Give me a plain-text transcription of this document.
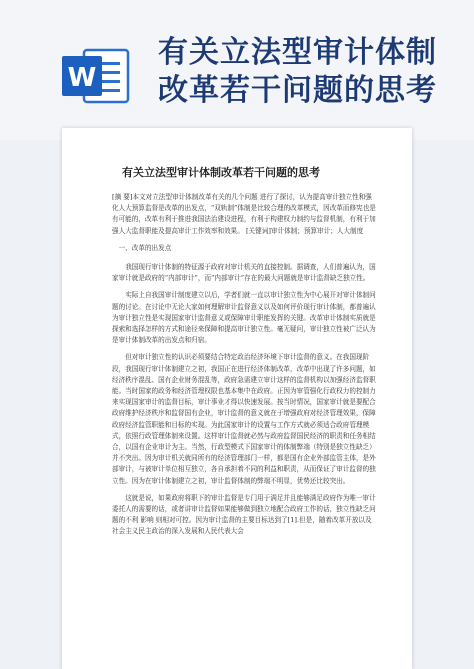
W
有关立法型审计体制改革若干问题的思考
有关立法型审计体制改革若干问题的思考

[摘 要]本文对立法型审计体制改革有关的几个问题 进行了探讨，认为提高审计独立性和强化人大预算监督是改革的出发点，“双轨制”体制是比较合理的改革模式，因改革而修宪也是有可能的，改革有利于推进我国法治建设进程，有利于构建权力制约与监督机制，有利于加强人大监督职能及提高审计工作效率和效果。 [关键词]审计体制；预算审计；人大制度

一、改革的出发点

我国现行审计体制的特征源于政府对审计机关的直接控制。据调查，人们普遍认为，国家审计就是政府的“内部审计”，而“内部审计”存在的最大问题就是审计监督缺乏独立性。

实际上自我国审计制度建立以后，学者们就一直以审计独立性为中心展开对审计体制问题的讨论。在讨论中无论大家如何理解审计监督意义以及如何评价现行审计体制，都普遍认为审计独立性是实现国家审计监督意义或保障审计职能发挥的关键。改革审计体制实质就是探索和选择怎样的方式和途径来保障和提高审计独立性。毫无疑问，审计独立性被广泛认为是审计体制改革的出发点和归宿。

但对审计独立性的认识必须要结合特定政治经济环境下审计监督的意义。在我国现阶段，我国现行审计体制建立之初，我国正在进行经济体制改革，改革中出现了许多问题，如经济秩序混乱、国有企业财务混乱等，政府急需建立审计这样的监督机构以加强经济监督职能。当时国家的政务和经济管理权限也基本集中在政府。正因为审管强化行政权力的控制力来实现国家审计的监督目标，审计事业才得以快速发展。按当时情况，国家审计就是要配合政府维护经济秩序和监督国有企业，审计监督的意义就在于增强政府对经济管理效果，保障政府经济监管职能和目标的实现。为此国家审计的设置与工作方式就必须适合政府管理模式，依照行政管理体制来设置。这样审计监督就必然与政府监督国民经济的职责和任务相结合，以国有企业审计为主。当然，行政型模式下国家审计的体制弊端（特别是独立性缺乏）并不突出。因为审计机关就同所有的经济管理部门一样，都是国有企业外部监管主体，是外部审计，与被审计单位相互独立，各自承担着不同的利益和职责，从而保证了审计监督的独立性。因为在审计体制建立之初，审计监督体制的弊端不明显，优势还比较突出。

这就是说，如果政府将职下的审计监督是专门用于满足并且能够满足政府作为唯一审计委托人的需要的话，或者讲审计监督如果能够做到独立地配合政府工作的话，独立性缺乏问题的不利 影响 则相对可控。因为审计监督的主要目标达到了[1].但是，随着改革开放以及社会主义民主政治的深入发展和人民代表大会
